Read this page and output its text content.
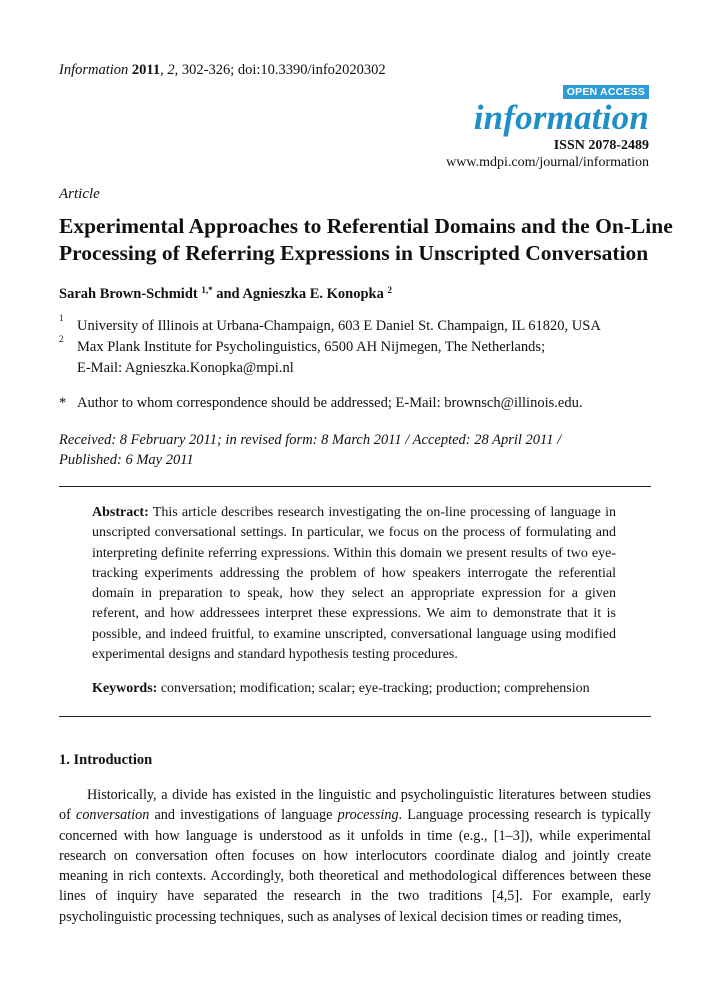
Information 2011, 2, 302-326; doi:10.3390/info2020302
OPEN ACCESS
information
ISSN 2078-2489
www.mdpi.com/journal/information
Article
Experimental Approaches to Referential Domains and the On-Line
Processing of Referring Expressions in Unscripted Conversation
Sarah Brown-Schmidt $^{1,*}$ and Agnieszka E. Konopka $^2$
1 University of Illinois at Urbana-Champaign, 603 E Daniel St. Champaign, IL 61820, USA
2 Max Plank Institute for Psycholinguistics, 6500 AH Nijmegen, The Netherlands;
E-Mail: Agnieszka.Konopka@mpi.nl
* Author to whom correspondence should be addressed; E-Mail: brownsch@illinois.edu.
Received: 8 February 2011; in revised form: 8 March 2011 / Accepted: 28 April 2011 /
Published: 6 May 2011

Abstract: This article describes research investigating the on-line processing of language in unscripted conversational settings. In particular, we focus on the process of formulating and interpreting definite referring expressions. Within this domain we present results of two eye-tracking experiments addressing the problem of how speakers interrogate the referential domain in preparation to speak, how they select an appropriate expression for a given referent, and how addressees interpret these expressions. We aim to demonstrate that it is possible, and indeed fruitful, to examine unscripted, conversational language using modified experimental designs and standard hypothesis testing procedures.

Keywords: conversation; modification; scalar; eye-tracking; production; comprehension
1. Introduction

Historically, a divide has existed in the linguistic and psycholinguistic literatures between studies of conversation and investigations of language processing. Language processing research is typically concerned with how language is understood as it unfolds in time (e.g., [1–3]), while experimental research on conversation often focuses on how interlocutors coordinate dialog and jointly create meaning in rich contexts. Accordingly, both theoretical and methodological differences between these lines of inquiry have separated the research in the two traditions [4,5]. For example, early psycholinguistic processing techniques, such as analyses of lexical decision times or reading times,
